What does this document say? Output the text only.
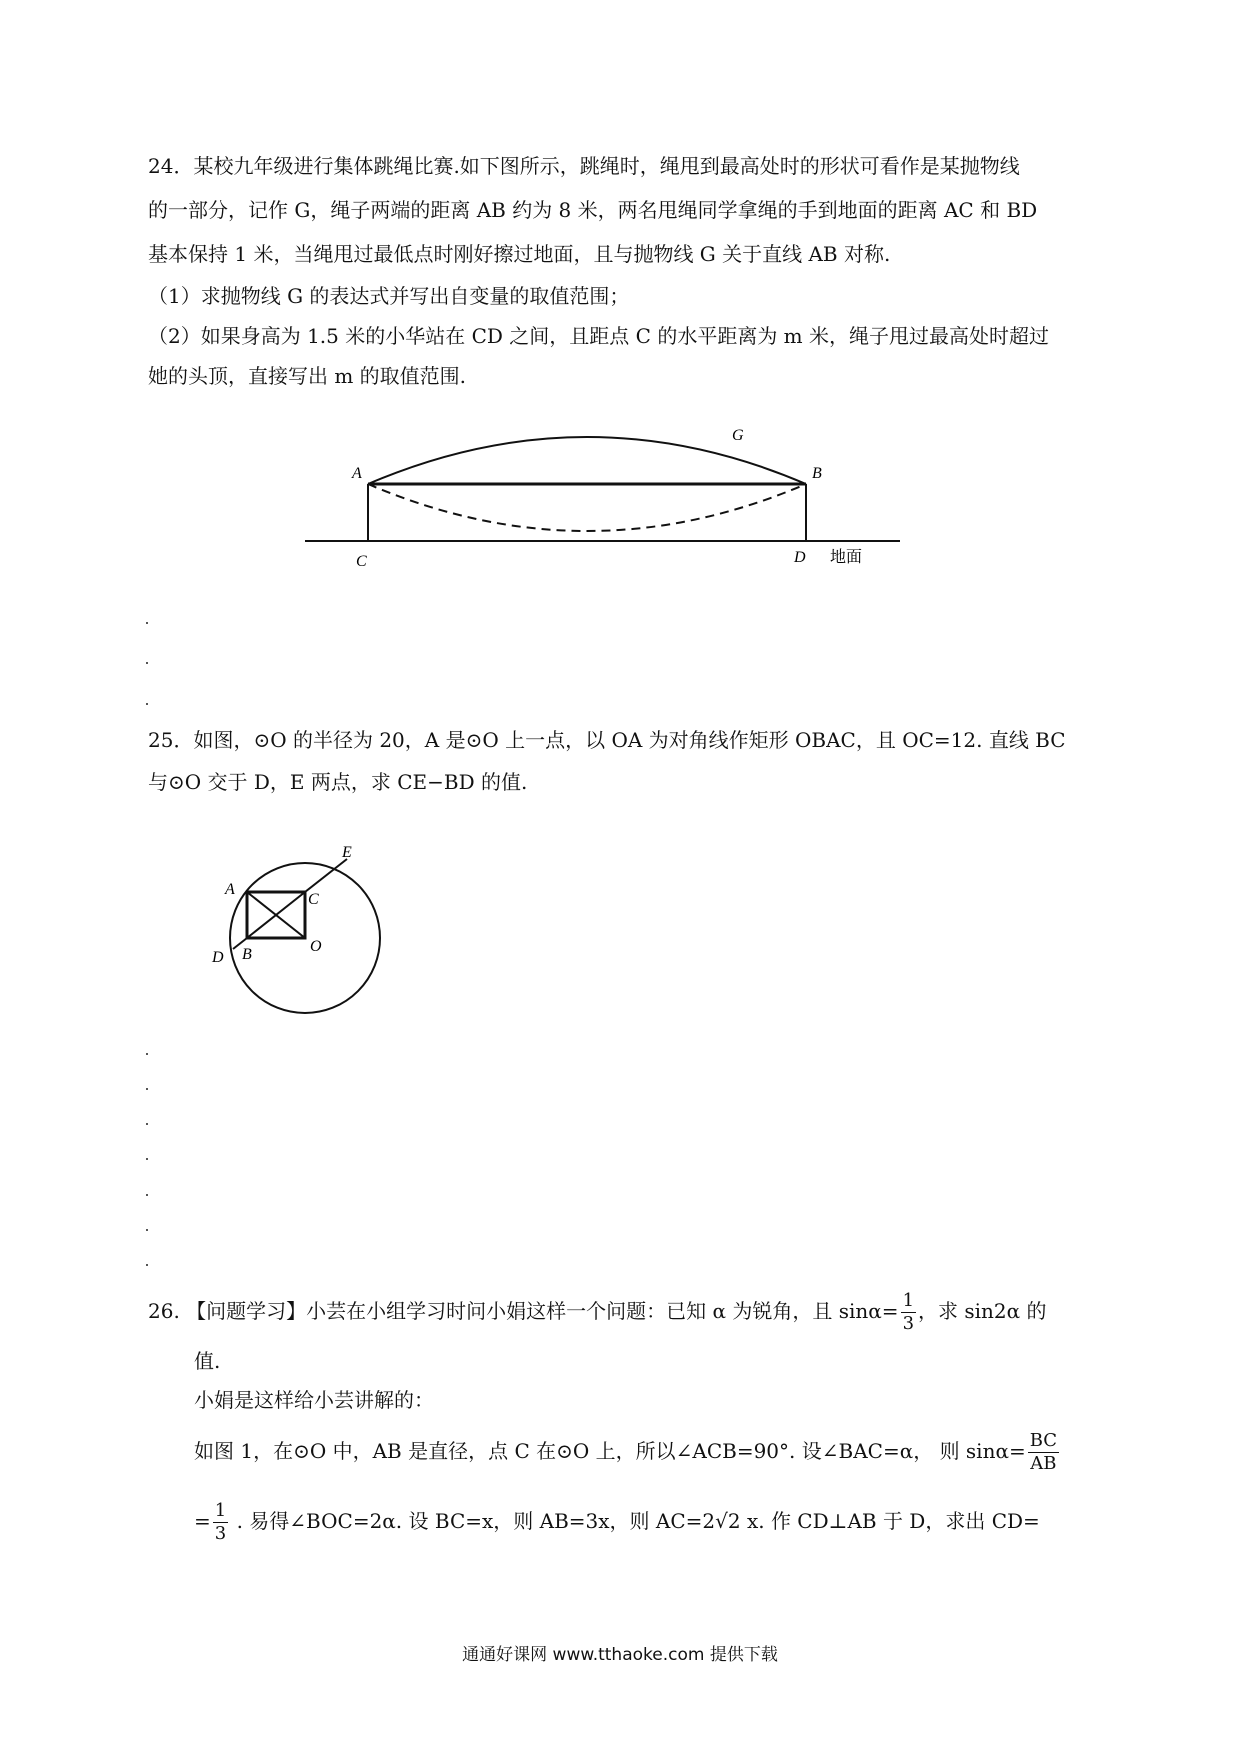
24．某校九年级进行集体跳绳比赛.如下图所示，跳绳时，绳甩到最高处时的形状可看作是某抛物线
的一部分，记作 G，绳子两端的距离 AB 约为 8 米，两名甩绳同学拿绳的手到地面的距离 AC 和 BD
基本保持 1 米，当绳甩过最低点时刚好擦过地面，且与抛物线 G 关于直线 AB 对称.
（1）求抛物线 G 的表达式并写出自变量的取值范围；
（2）如果身高为 1.5 米的小华站在 CD 之间，且距点 C 的水平距离为 m 米，绳子甩过最高处时超过
她的头顶，直接写出 m 的取值范围.
A	B
C	D
G
地面
25．如图，⊙O 的半径为 20，A 是⊙O 上一点，以 OA 为对角线作矩形 OBAC，且 OC=12. 直线 BC
与⊙O 交于 D，E 两点，求 CE−BD 的值.
A
B
C
D
E
O
26. 【问题学习】小芸在小组学习时问小娟这样一个问题：已知 α 为锐角，且 $\sin\alpha= \frac{1}{3}$ ，求 sin2α 的
值.
小娟是这样给小芸讲解的：
如图 1，在⊙O 中，AB 是直径，点 C 在⊙O 上，所以∠ACB=90°. 设∠BAC=α， 则 $\sin\alpha= \frac{BC}{AB}$
= $\frac{1}{3}$ . 易得∠BOC=2α. 设 BC=x，则 AB=3x，则 AC=2√2 x. 作 CD⊥AB 于 D，求出 CD=
通通好课网 www.tthaoke.com 提供下载
